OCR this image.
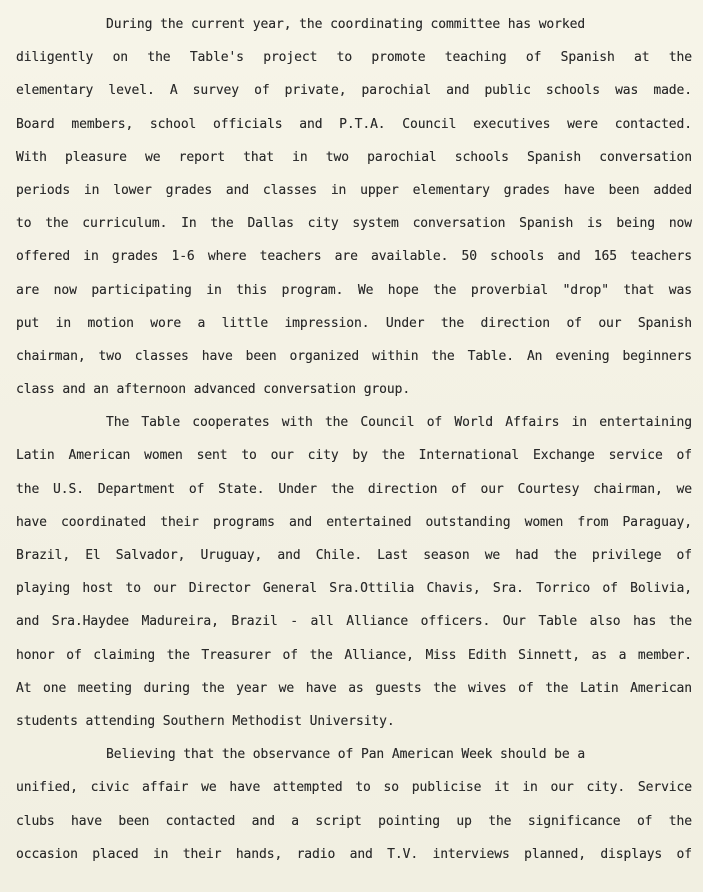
During the current year, the coordinating committee has worked
diligently on the Table's project to promote teaching of Spanish at the
elementary level. A survey of private, parochial and public schools was made.
Board members, school officials and P.T.A. Council executives were contacted.
With pleasure we report that in two parochial schools Spanish conversation
periods in lower grades and classes in upper elementary grades have been added
to the curriculum. In the Dallas city system conversation Spanish is being now
offered in grades 1-6 where teachers are available. 50 schools and 165 teachers
are now participating in this program. We hope the proverbial "drop" that was
put in motion wore a little impression. Under the direction of our Spanish
chairman, two classes have been organized within the Table. An evening beginners
class and an afternoon advanced conversation group.
The Table cooperates with the Council of World Affairs in entertaining
Latin American women sent to our city by the International Exchange service of
the U.S. Department of State. Under the direction of our Courtesy chairman, we
have coordinated their programs and entertained outstanding women from Paraguay,
Brazil, El Salvador, Uruguay, and Chile. Last season we had the privilege of
playing host to our Director General Sra.Ottilia Chavis, Sra. Torrico of Bolivia,
and Sra.Haydee Madureira, Brazil - all Alliance officers. Our Table also has the
honor of claiming the Treasurer of the Alliance, Miss Edith Sinnett, as a member.
At one meeting during the year we have as guests the wives of the Latin American
students attending Southern Methodist University.
Believing that the observance of Pan American Week should be a
unified, civic affair we have attempted to so publicise it in our city. Service
clubs have been contacted and a script pointing up the significance of the
occasion placed in their hands, radio and T.V. interviews planned, displays of
